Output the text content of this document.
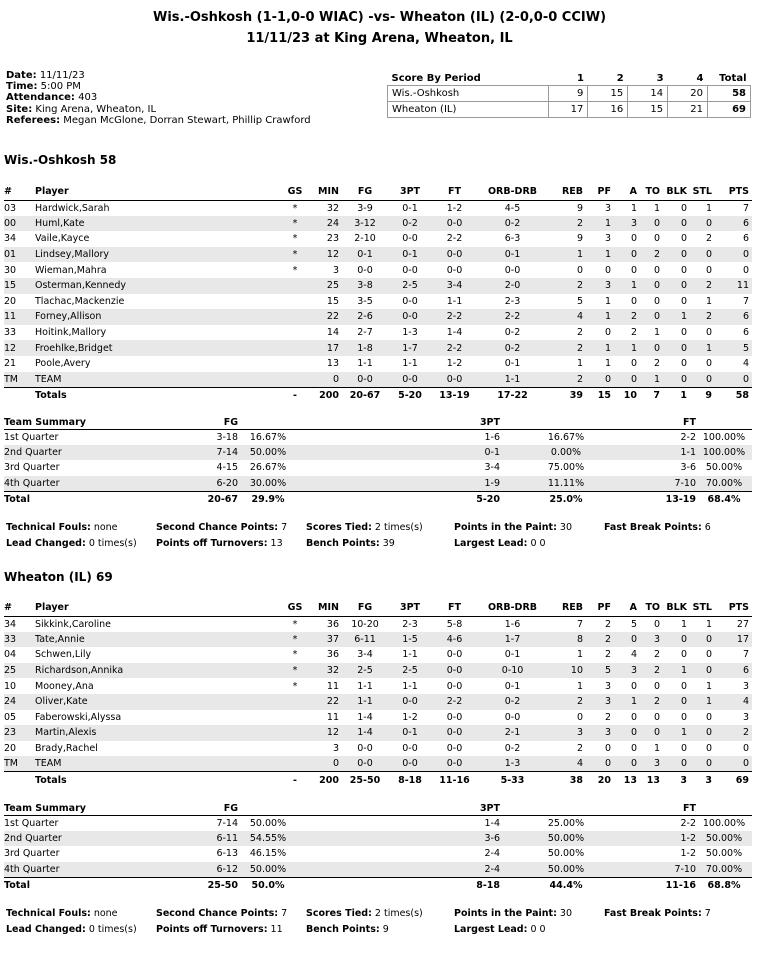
Wis.-Oshkosh (1-1,0-0 WIAC) -vs- Wheaton (IL) (2-0,0-0 CCIW)
11/11/23 at King Arena, Wheaton, IL
Date: 11/11/23
Time: 5:00 PM
Attendance: 403
Site: King Arena, Wheaton, IL
Referees: Megan McGlone, Dorran Stewart, Phillip Crawford
Score By Period	1	2	3	4	Total
Wis.-Oshkosh	9	15	14	20	58
Wheaton (IL)	17	16	15	21	69
Wis.-Oshkosh 58
#	Player	GS	MIN	FG	3PT	FT	ORB-DRB	REB	PF	A	TO	BLK	STL	PTS
03	Hardwick,Sarah	*	32	3-9	0-1	1-2	4-5	9	3	1	1	0	1	7
00	Huml,Kate	*	24	3-12	0-2	0-0	0-2	2	1	3	0	0	0	6
34	Vaile,Kayce	*	23	2-10	0-0	2-2	6-3	9	3	0	0	0	2	6
01	Lindsey,Mallory	*	12	0-1	0-1	0-0	0-1	1	1	0	2	0	0	0
30	Wieman,Mahra	*	3	0-0	0-0	0-0	0-0	0	0	0	0	0	0	0
15	Osterman,Kennedy		25	3-8	2-5	3-4	2-0	2	3	1	0	0	2	11
20	Tlachac,Mackenzie		15	3-5	0-0	1-1	2-3	5	1	0	0	0	1	7
11	Forney,Allison		22	2-6	0-0	2-2	2-2	4	1	2	0	1	2	6
33	Hoitink,Mallory		14	2-7	1-3	1-4	0-2	2	0	2	1	0	0	6
12	Froehlke,Bridget		17	1-8	1-7	2-2	0-2	2	1	1	0	0	1	5
21	Poole,Avery		13	1-1	1-1	1-2	0-1	1	1	0	2	0	0	4
TM	TEAM		0	0-0	0-0	0-0	1-1	2	0	0	1	0	0	0
	Totals	-	200	20-67	5-20	13-19	17-22	39	15	10	7	1	9	58
Team Summary	FG		3PT			FT	
1st Quarter	3-18	16.67%	1-6		16.67%	2-2	100.00%
2nd Quarter	7-14	50.00%	0-1		0.00%	1-1	100.00%
3rd Quarter	4-15	26.67%	3-4		75.00%	3-6	50.00%
4th Quarter	6-20	30.00%	1-9		11.11%	7-10	70.00%
Total	20-67	29.9%	5-20		25.0%	13-19	68.4%
Technical Fouls: none	Second Chance Points: 7 Scores Tied: 2 times(s)	Points in the Paint: 30	Fast Break Points: 6
Lead Changed: 0 times(s) Points off Turnovers: 13 Bench Points: 39	Largest Lead: 0 0
Wheaton (IL) 69
#	Player	GS	MIN	FG	3PT	FT	ORB-DRB	REB	PF	A	TO	BLK	STL	PTS
34	Sikkink,Caroline	*	36	10-20	2-3	5-8	1-6	7	2	5	0	1	1	27
33	Tate,Annie	*	37	6-11	1-5	4-6	1-7	8	2	0	3	0	0	17
04	Schwen,Lily	*	36	3-4	1-1	0-0	0-1	1	2	4	2	0	0	7
25	Richardson,Annika	*	32	2-5	2-5	0-0	0-10	10	5	3	2	1	0	6
10	Mooney,Ana	*	11	1-1	1-1	0-0	0-1	1	3	0	0	0	1	3
24	Oliver,Kate		22	1-1	0-0	2-2	0-2	2	3	1	2	0	1	4
05	Faberowski,Alyssa		11	1-4	1-2	0-0	0-0	0	2	0	0	0	0	3
23	Martin,Alexis		12	1-4	0-1	0-0	2-1	3	3	0	0	1	0	2
20	Brady,Rachel		3	0-0	0-0	0-0	0-2	2	0	0	1	0	0	0
TM	TEAM		0	0-0	0-0	0-0	1-3	4	0	0	3	0	0	0
	Totals	-	200	25-50	8-18	11-16	5-33	38	20	13	13	3	3	69
Team Summary	FG		3PT			FT	
1st Quarter	7-14	50.00%	1-4		25.00%	2-2	100.00%
2nd Quarter	6-11	54.55%	3-6		50.00%	1-2	50.00%
3rd Quarter	6-13	46.15%	2-4		50.00%	1-2	50.00%
4th Quarter	6-12	50.00%	2-4		50.00%	7-10	70.00%
Total	25-50	50.0%	8-18		44.4%	11-16	68.8%
Technical Fouls: none	Second Chance Points: 7 Scores Tied: 2 times(s)	Points in the Paint: 30	Fast Break Points: 7
Lead Changed: 0 times(s) Points off Turnovers: 11 Bench Points: 9	Largest Lead: 0 0
